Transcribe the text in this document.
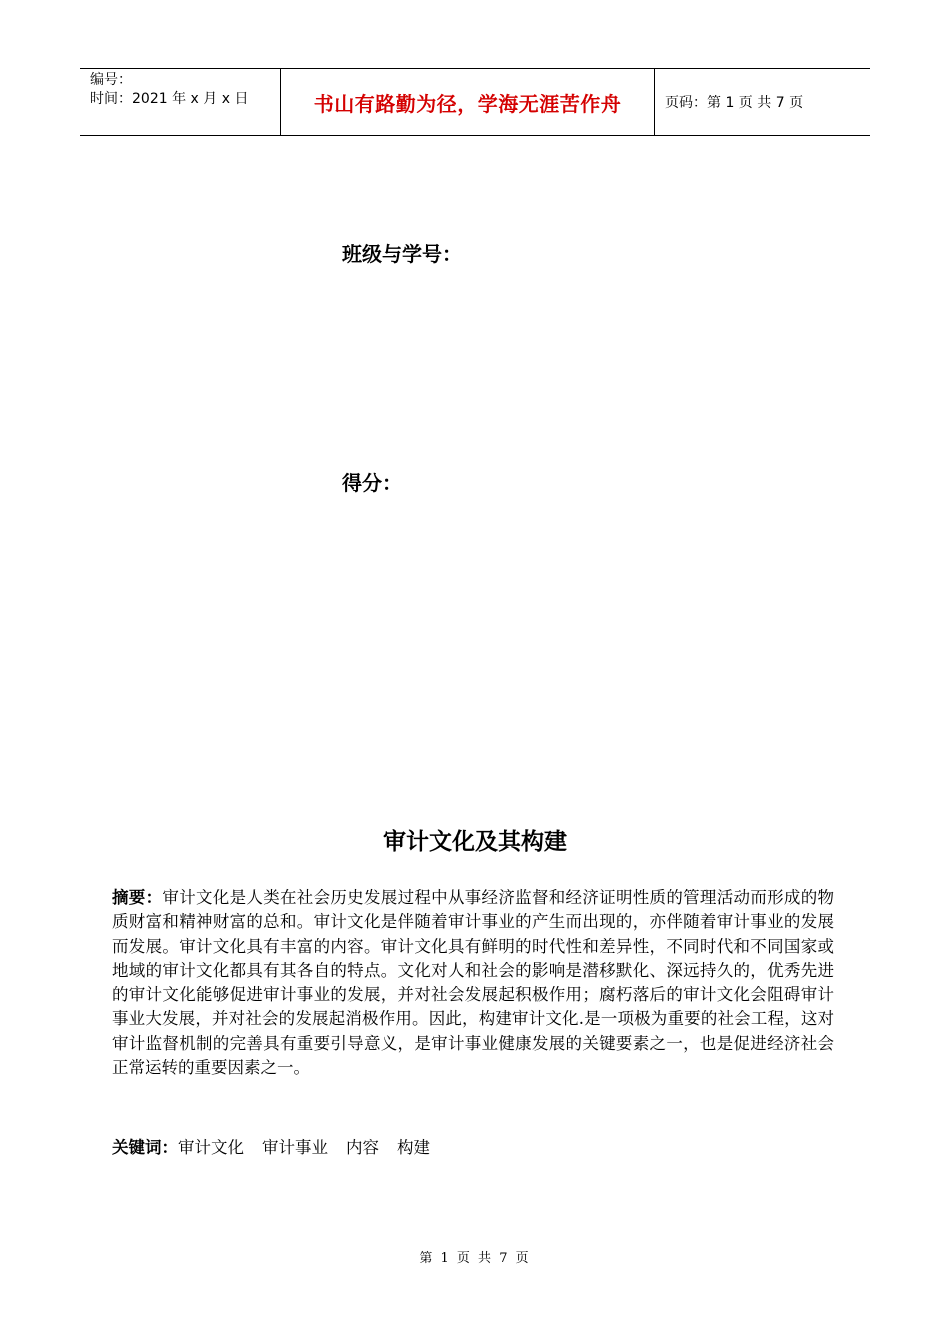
编号：
时间：2021 年 x 月 x 日	书山有路勤为径，学海无涯苦作舟	页码：第 1 页 共 7 页
班级与学号：
得分：
审计文化及其构建
摘要：审计文化是人类在社会历史发展过程中从事经济监督和经济证明性质的管理活动而形成的物质财富和精神财富的总和。审计文化是伴随着审计事业的产生而出现的，亦伴随着审计事业的发展而发展。审计文化具有丰富的内容。审计文化具有鲜明的时代性和差异性，不同时代和不同国家或地域的审计文化都具有其各自的特点。文化对人和社会的影响是潜移默化、深远持久的，优秀先进的审计文化能够促进审计事业的发展，并对社会发展起积极作用；腐朽落后的审计文化会阻碍审计事业大发展，并对社会的发展起消极作用。因此，构建审计文化.是一项极为重要的社会工程，这对审计监督机制的完善具有重要引导意义，是审计事业健康发展的关键要素之一，也是促进经济社会正常运转的重要因素之一。
关键词：审计文化 审计事业 内容 构建
第 1 页 共 7 页
